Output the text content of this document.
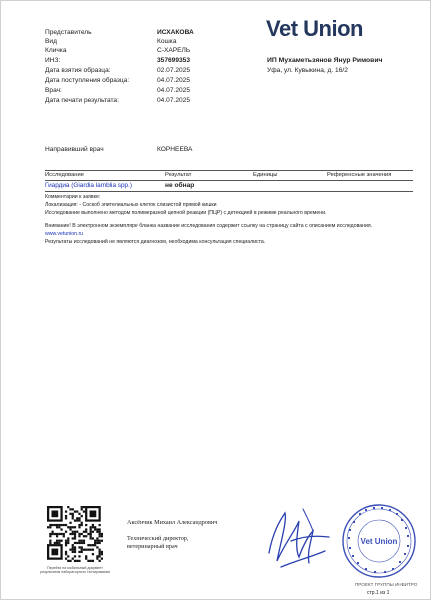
Представитель	ИСХАКОВА
Вид	Кошка
Кличка	С-ХАРЕЛЬ
ИНЗ:	357699353
Дата взятия образца:	02.07.2025
Дата поступления образца:	04.07.2025
Врач:	04.07.2025
Дата печати результата:	04.07.2025
Направивший врач	КОРНЕЕВА
Vet Union
ИП Мухаметьзянов Янур Римович
Уфа, ул. Кувыкина, д. 16/2
Исследование	Результат	Единицы	Референсные значения
Гиардиа (Giardia lamblia spp.)	не обнар
Комментарии к заявке:
Локализация: - Соскоб эпителиальных клеток слизистой прямой кишки
Исследование выполнено методом полимеразной цепной реакции (ПЦР) с детекцией в режиме реального времени.
Внимание! В электронном экземпляре бланка название исследования содержит ссылку на страницу сайта с описанием исследования.
www.vetunion.ru
Результаты исследований не являются диагнозом, необходима консультация специалиста.
Перейти на мобильный документ результатов лабораторного тестирования
Аксёнчик Михаил Александрович
Технический директор, ветеринарный врач
Vet Union
ПРОЕКТ ГРУППЫ ИНВИТРО
стр.1 из 1
